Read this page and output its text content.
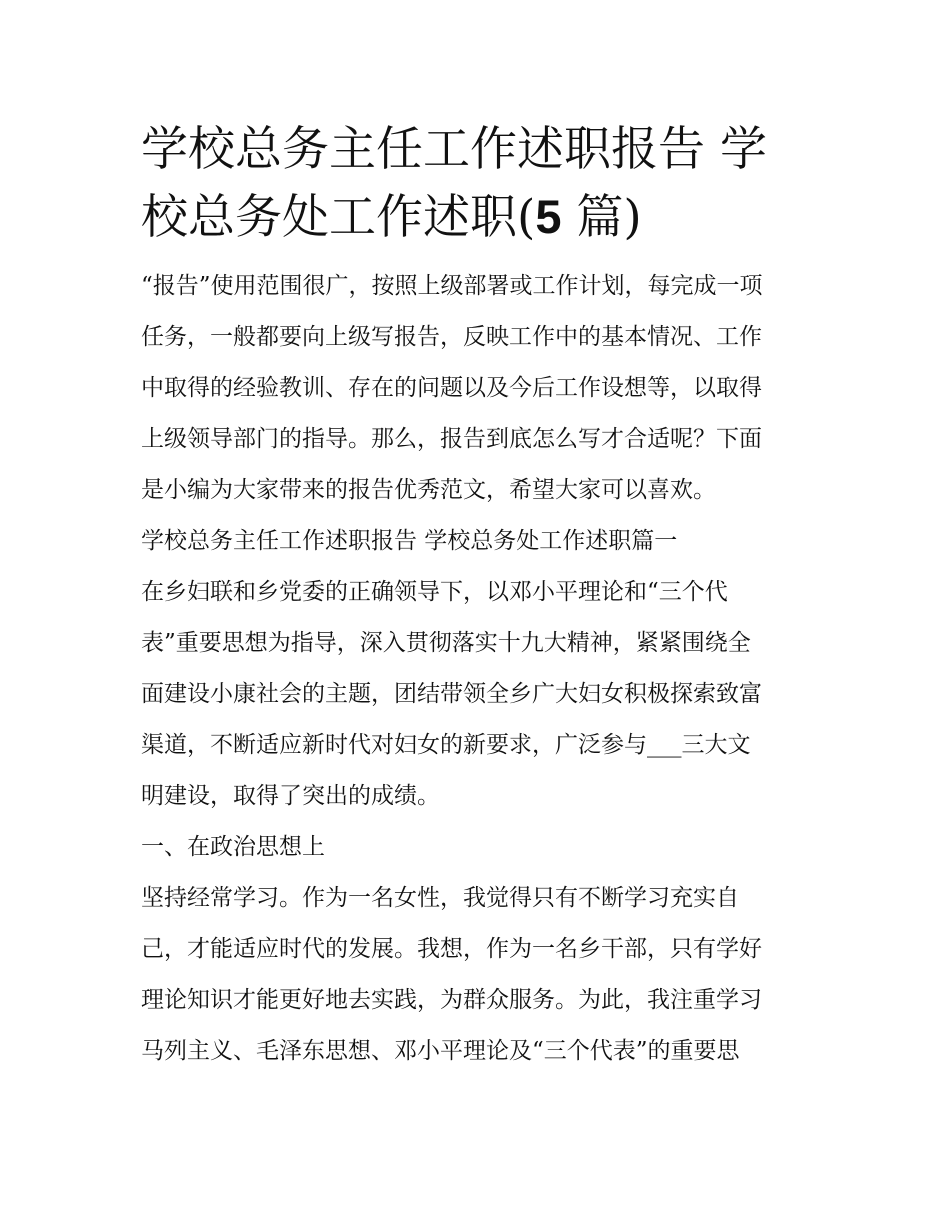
学校总务主任工作述职报告 学
校总务处工作述职(5 篇)

“报告”使用范围很广，按照上级部署或工作计划，每完成一项

任务，一般都要向上级写报告，反映工作中的基本情况、工作

中取得的经验教训、存在的问题以及今后工作设想等，以取得

上级领导部门的指导。那么，报告到底怎么写才合适呢？下面

是小编为大家带来的报告优秀范文，希望大家可以喜欢。

学校总务主任工作述职报告 学校总务处工作述职篇一

在乡妇联和乡党委的正确领导下，以邓小平理论和“三个代

表”重要思想为指导，深入贯彻落实十九大精神，紧紧围绕全

面建设小康社会的主题，团结带领全乡广大妇女积极探索致富

渠道，不断适应新时代对妇女的新要求，广泛参与___三大文

明建设，取得了突出的成绩。

一、在政治思想上

坚持经常学习。作为一名女性，我觉得只有不断学习充实自

己，才能适应时代的发展。我想，作为一名乡干部，只有学好

理论知识才能更好地去实践，为群众服务。为此，我注重学习

马列主义、毛泽东思想、邓小平理论及“三个代表”的重要思
